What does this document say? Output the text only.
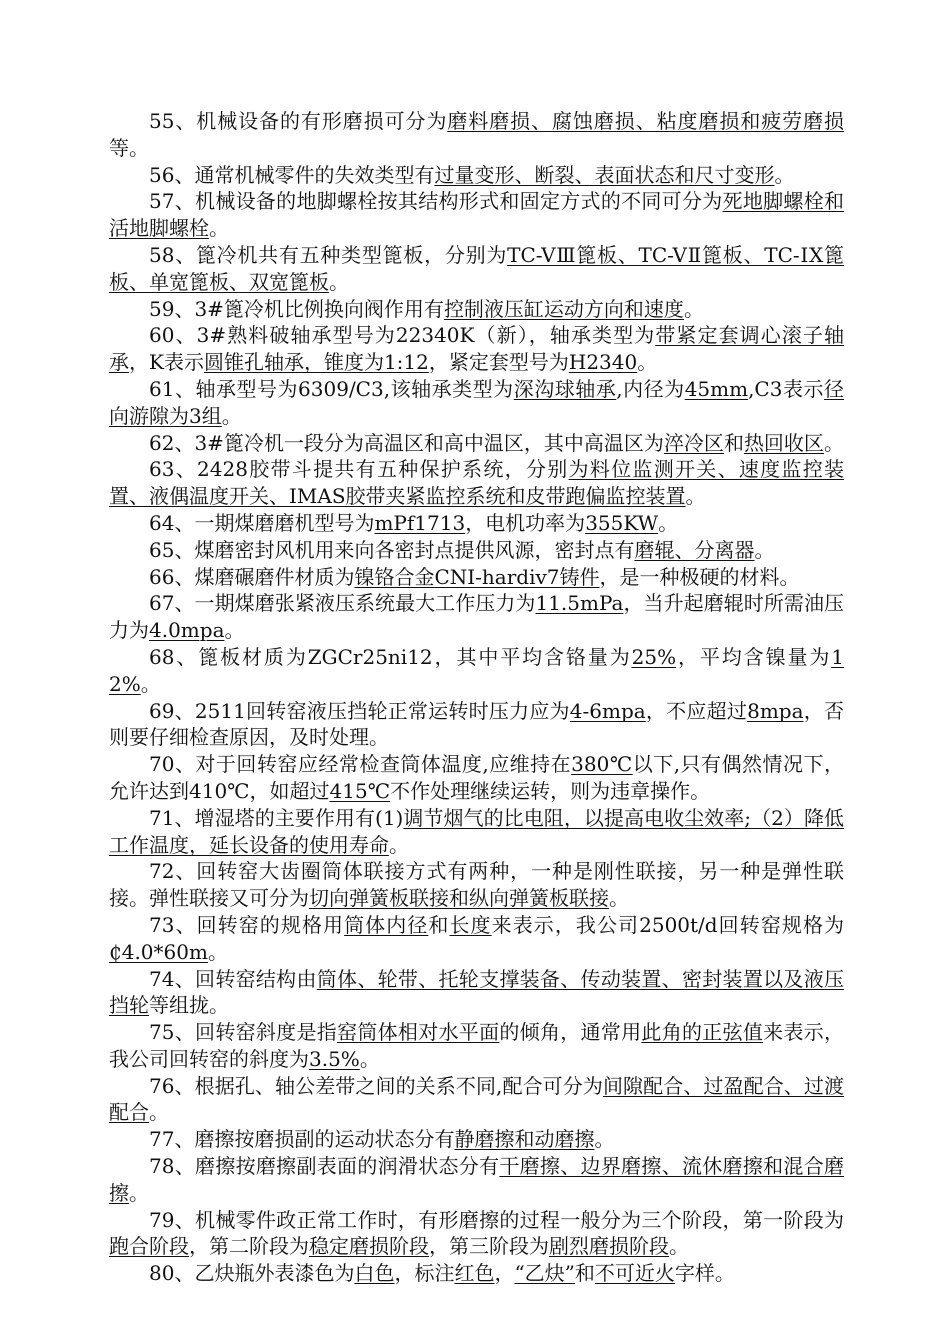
55、机械设备的有形磨损可分为磨料磨损、腐蚀磨损、粘度磨损和疲劳磨损等。

56、通常机械零件的失效类型有过量变形、断裂、表面状态和尺寸变形。

57、机械设备的地脚螺栓按其结构形式和固定方式的不同可分为死地脚螺栓和活地脚螺栓。

58、篦冷机共有五种类型篦板，分别为TC-VⅢ篦板、TC-VⅡ篦板、TC-ⅠX篦板、单宽篦板、双宽篦板。

59、3#篦冷机比例换向阀作用有控制液压缸运动方向和速度。

60、3#熟料破轴承型号为22340K（新），轴承类型为带紧定套调心滚子轴承，K表示圆锥孔轴承，锥度为1:12，紧定套型号为H2340。

61、轴承型号为6309/C3,该轴承类型为深沟球轴承,内径为45mm,C3表示径向游隙为3组。

62、3#篦冷机一段分为高温区和高中温区，其中高温区为淬冷区和热回收区。

63、2428胶带斗提共有五种保护系统，分别为料位监测开关、速度监控装置、液偶温度开关、IMAS胶带夹紧监控系统和皮带跑偏监控装置。

64、一期煤磨磨机型号为mPf1713，电机功率为355KW。

65、煤磨密封风机用来向各密封点提供风源，密封点有磨辊、分离器。

66、煤磨碾磨件材质为镍铬合金CNI-hardiv7铸件，是一种极硬的材料。

67、一期煤磨张紧液压系统最大工作压力为11.5mPa，当升起磨辊时所需油压力为4.0mpa。

68、篦板材质为ZGCr25ni12，其中平均含铬量为25%，平均含镍量为12%。

69、2511回转窑液压挡轮正常运转时压力应为4-6mpa，不应超过8mpa，否则要仔细检查原因，及时处理。

70、对于回转窑应经常检查筒体温度,应维持在380℃以下,只有偶然情况下，允许达到410℃，如超过415℃不作处理继续运转，则为违章操作。

71、增湿塔的主要作用有(1)调节烟气的比电阻，以提高电收尘效率;（2）降低工作温度，延长设备的使用寿命。

72、回转窑大齿圈筒体联接方式有两种，一种是刚性联接，另一种是弹性联接。弹性联接又可分为切向弹簧板联接和纵向弹簧板联接。

73、回转窑的规格用筒体内径和长度来表示，我公司2500t/d回转窑规格为₵4.0*60m。

74、回转窑结构由筒体、轮带、托轮支撑装备、传动装置、密封装置以及液压挡轮等组拢。

75、回转窑斜度是指窑筒体相对水平面的倾角，通常用此角的正弦值来表示，我公司回转窑的斜度为3.5%。

76、根据孔、轴公差带之间的关系不同,配合可分为间隙配合、过盈配合、过渡配合。

77、磨擦按磨损副的运动状态分有静磨擦和动磨擦。

78、磨擦按磨擦副表面的润滑状态分有干磨擦、边界磨擦、流休磨擦和混合磨擦。

79、机械零件政正常工作时，有形磨擦的过程一般分为三个阶段，第一阶段为跑合阶段，第二阶段为稳定磨损阶段，第三阶段为剧烈磨损阶段。

80、乙炔瓶外表漆色为白色，标注红色，“乙炔”和不可近火字样。
